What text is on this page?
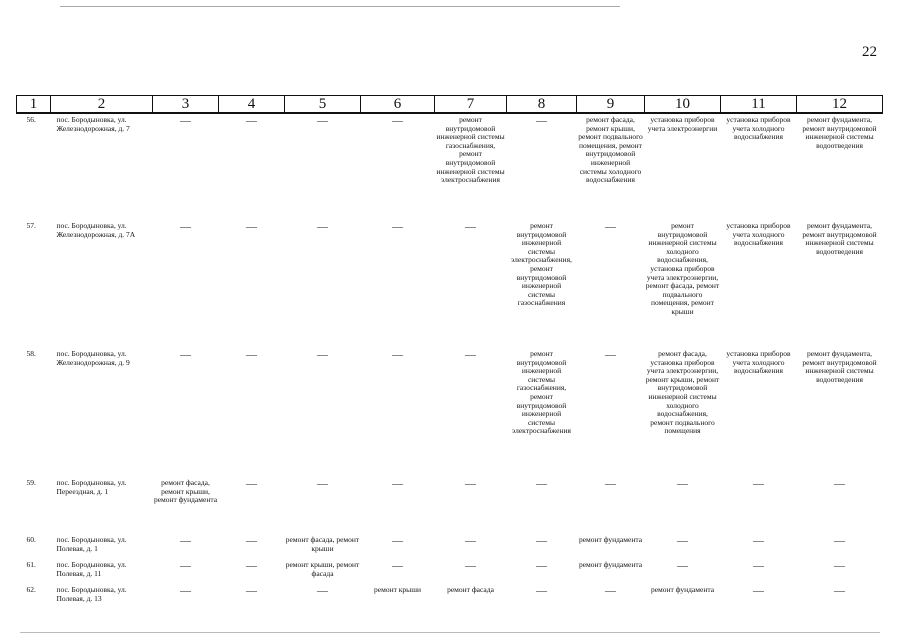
22
1	2	3	4	5	6	7	8	9	10	11	12
56.	пос. Бородыновка, ул. Железнодорожная, д. 7	—	—	—	—	ремонт внутридомовой инженерной системы газоснабжения, ремонт внутридомовой инженерной системы электроснабжения	—	ремонт фасада, ремонт крыши, ремонт подвального помещения, ремонт внутридомовой инженерной системы холодного водоснабжения	установка приборов учета электроэнергии	установка приборов учета холодного водоснабжения	ремонт фундамента, ремонт внутридомовой инженерной системы водоотведения
57.	пос. Бородыновка, ул. Железнодорожная, д. 7А	—	—	—	—	—	ремонт внутридомовой инженерной системы электроснабжения, ремонт внутридомовой инженерной системы газоснабжения	—	ремонт внутридомовой инженерной системы холодного водоснабжения, установка приборов учета электроэнергии, ремонт фасада, ремонт подвального помещения, ремонт крыши	установка приборов учета холодного водоснабжения	ремонт фундамента, ремонт внутридомовой инженерной системы водоотведения
58.	пос. Бородыновка, ул. Железнодорожная, д. 9	—	—	—	—	—	ремонт внутридомовой инженерной системы газоснабжения, ремонт внутридомовой инженерной системы электроснабжения	—	ремонт фасада, установка приборов учета электроэнергии, ремонт крыши, ремонт внутридомовой инженерной системы холодного водоснабжения, ремонт подвального помещения	установка приборов учета холодного водоснабжения	ремонт фундамента, ремонт внутридомовой инженерной системы водоотведения
59.	пос. Бородыновка, ул. Переездная, д. 1	ремонт фасада, ремонт крыши, ремонт фундамента	—	—	—	—	—	—	—	—	—
60.	пос. Бородыновка, ул. Полевая, д. 1	—	—	ремонт фасада, ремонт крыши	—	—	—	ремонт фундамента	—	—	—
61.	пос. Бородыновка, ул. Полевая, д. 11	—	—	ремонт крыши, ремонт фасада	—	—	—	ремонт фундамента	—	—	—
62.	пос. Бородыновка, ул. Полевая, д. 13	—	—	—	ремонт крыши	ремонт фасада	—	—	ремонт фундамента	—	—
